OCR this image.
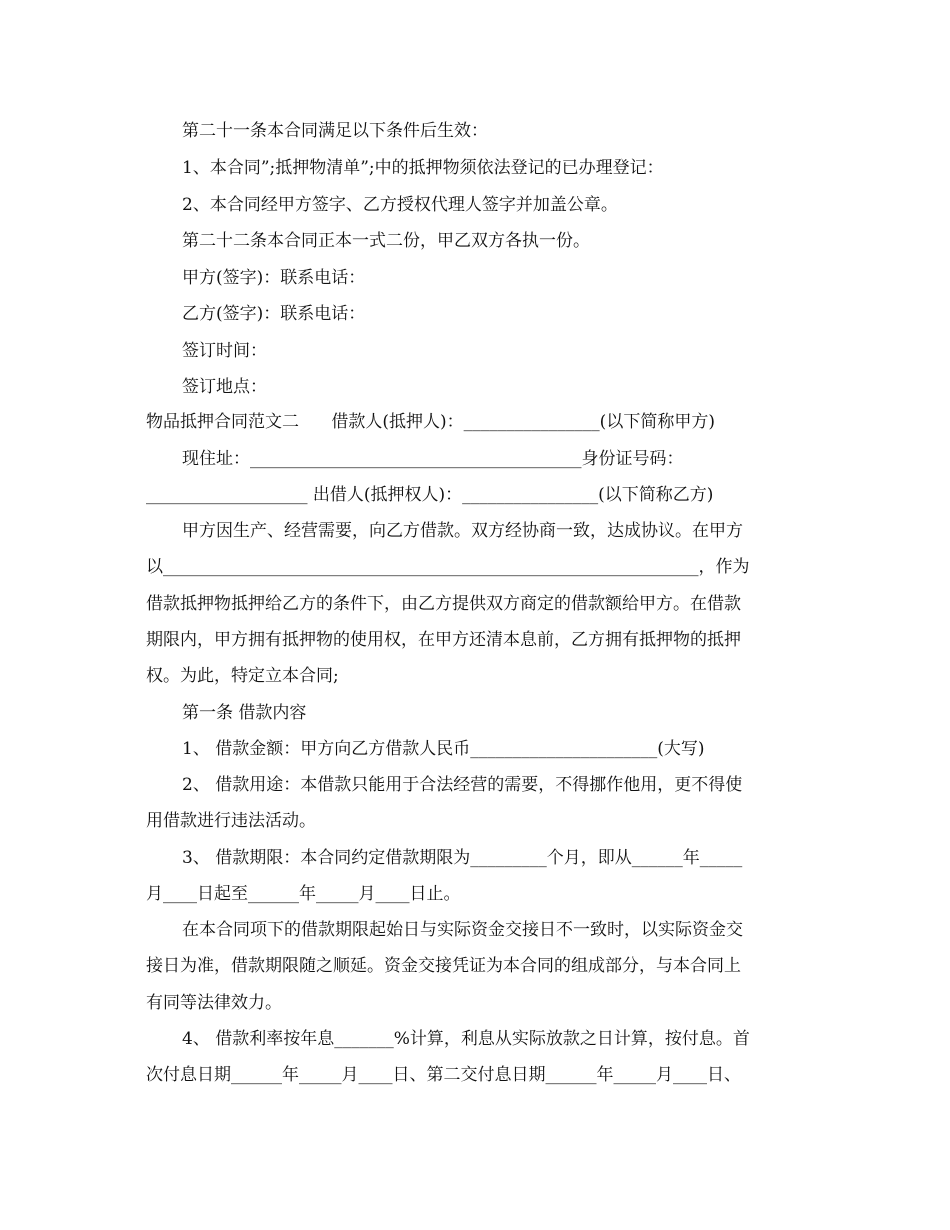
第二十一条本合同满足以下条件后生效：
1、本合同”;抵押物清单”;中的抵押物须依法登记的已办理登记：
2、本合同经甲方签字、乙方授权代理人签字并加盖公章。
第二十二条本合同正本一式二份，甲乙双方各执一份。
甲方(签字)：联系电话：
乙方(签字)：联系电话：
签订时间：
签订地点：
物品抵押合同范文二      借款人(抵押人)：________________(以下简称甲方)
现住址：_______________________________________身份证号码：
___________________ 出借人(抵押权人)：________________(以下简称乙方)
甲方因生产、经营需要，向乙方借款。双方经协商一致，达成协议。在甲方
以_______________________________________________________________，作为
借款抵押物抵押给乙方的条件下，由乙方提供双方商定的借款额给甲方。在借款
期限内，甲方拥有抵押物的使用权，在甲方还清本息前，乙方拥有抵押物的抵押
权。为此，特定立本合同;
第一条 借款内容
1、 借款金额：甲方向乙方借款人民币______________________(大写)
2、 借款用途：本借款只能用于合法经营的需要，不得挪作他用，更不得使
用借款进行违法活动。
3、 借款期限：本合同约定借款期限为_________个月，即从______年_____
月____日起至______年_____月____日止。
在本合同项下的借款期限起始日与实际资金交接日不一致时，以实际资金交
接日为准，借款期限随之顺延。资金交接凭证为本合同的组成部分，与本合同上
有同等法律效力。
4、 借款利率按年息_______%计算，利息从实际放款之日计算，按付息。首
次付息日期______年_____月____日、第二交付息日期______年_____月____日、
